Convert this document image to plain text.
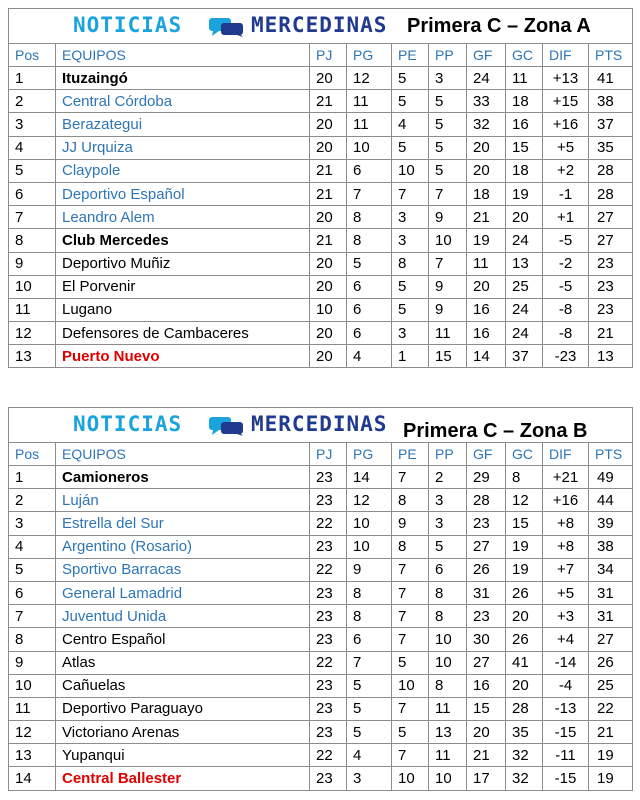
NOTICIAS MERCEDINAS Primera C – Zona A									

Pos	EQUIPOS	PJ	PG	PE	PP	GF	GC	DIF	PTS
1	Ituzaingó	20	12	5	3	24	11	+13	41
2	Central Córdoba	21	11	5	5	33	18	+15	38
3	Berazategui	20	11	4	5	32	16	+16	37
4	JJ Urquiza	20	10	5	5	20	15	+5	35
5	Claypole	21	6	10	5	20	18	+2	28
6	Deportivo Español	21	7	7	7	18	19	-1	28
7	Leandro Alem	20	8	3	9	21	20	+1	27
8	Club Mercedes	21	8	3	10	19	24	-5	27
9	Deportivo Muñiz	20	5	8	7	11	13	-2	23
10	El Porvenir	20	6	5	9	20	25	-5	23
11	Lugano	10	6	5	9	16	24	-8	23
12	Defensores de Cambaceres	20	6	3	11	16	24	-8	21
13	Puerto Nuevo	20	4	1	15	14	37	-23	13
NOTICIAS MERCEDINAS Primera C – Zona B									

Pos	EQUIPOS	PJ	PG	PE	PP	GF	GC	DIF	PTS
1	Camioneros	23	14	7	2	29	8	+21	49
2	Luján	23	12	8	3	28	12	+16	44
3	Estrella del Sur	22	10	9	3	23	15	+8	39
4	Argentino (Rosario)	23	10	8	5	27	19	+8	38
5	Sportivo Barracas	22	9	7	6	26	19	+7	34
6	General Lamadrid	23	8	7	8	31	26	+5	31
7	Juventud Unida	23	8	7	8	23	20	+3	31
8	Centro Español	23	6	7	10	30	26	+4	27
9	Atlas	22	7	5	10	27	41	-14	26
10	Cañuelas	23	5	10	8	16	20	-4	25
11	Deportivo Paraguayo	23	5	7	11	15	28	-13	22
12	Victoriano Arenas	23	5	5	13	20	35	-15	21
13	Yupanqui	22	4	7	11	21	32	-11	19
14	Central Ballester	23	3	10	10	17	32	-15	19
